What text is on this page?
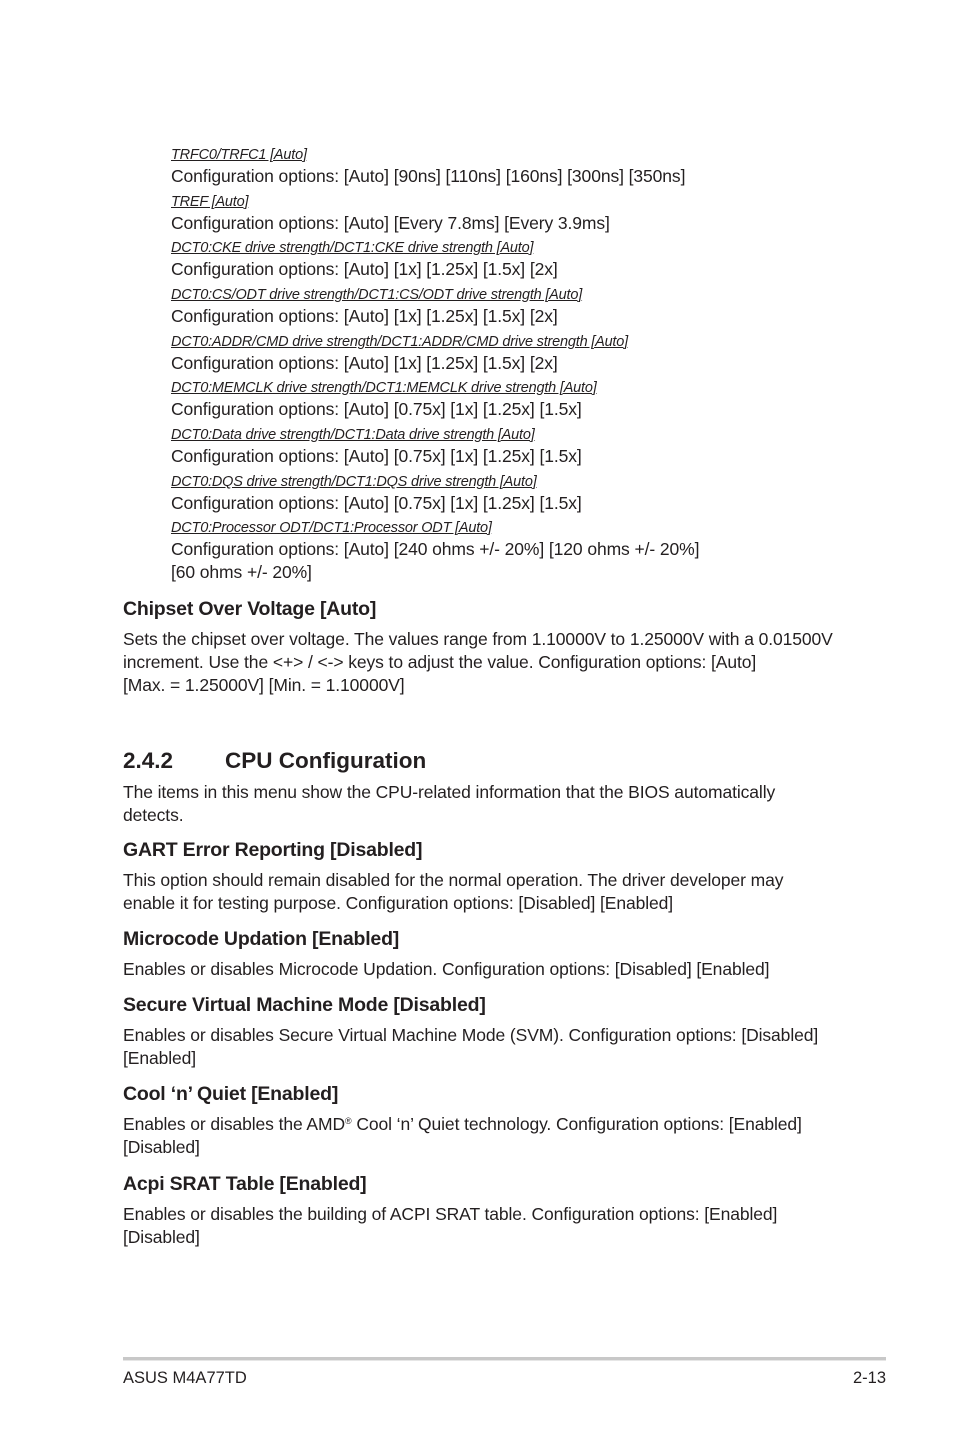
TRFC0/TRFC1 [Auto]

Configuration options: [Auto] [90ns] [110ns] [160ns] [300ns] [350ns]

TREF [Auto]

Configuration options: [Auto] [Every 7.8ms] [Every 3.9ms]

DCT0:CKE drive strength/DCT1:CKE drive strength [Auto]

Configuration options: [Auto] [1x] [1.25x] [1.5x] [2x]

DCT0:CS/ODT drive strength/DCT1:CS/ODT drive strength [Auto]

Configuration options: [Auto] [1x] [1.25x] [1.5x] [2x]

DCT0:ADDR/CMD drive strength/DCT1:ADDR/CMD drive strength [Auto]

Configuration options: [Auto] [1x] [1.25x] [1.5x] [2x]

DCT0:MEMCLK drive strength/DCT1:MEMCLK drive strength [Auto]

Configuration options: [Auto] [0.75x] [1x] [1.25x] [1.5x]

DCT0:Data drive strength/DCT1:Data drive strength [Auto]

Configuration options: [Auto] [0.75x] [1x] [1.25x] [1.5x]

DCT0:DQS drive strength/DCT1:DQS drive strength [Auto]

Configuration options: [Auto] [0.75x] [1x] [1.25x] [1.5x]

DCT0:Processor ODT/DCT1:Processor ODT [Auto]

Configuration options: [Auto] [240 ohms +/- 20%] [120 ohms +/- 20%]

[60 ohms +/- 20%]

Chipset Over Voltage [Auto]

Sets the chipset over voltage. The values range from 1.10000V to 1.25000V with a 0.01500V
increment. Use the <+> / <-> keys to adjust the value. Configuration options: [Auto]
[Max. = 1.25000V] [Min. = 1.10000V]

2.4.2 CPU Configuration

The items in this menu show the CPU-related information that the BIOS automatically
detects.

GART Error Reporting [Disabled]

This option should remain disabled for the normal operation. The driver developer may
enable it for testing purpose. Configuration options: [Disabled] [Enabled]

Microcode Updation [Enabled]

Enables or disables Microcode Updation. Configuration options: [Disabled] [Enabled]

Secure Virtual Machine Mode [Disabled]

Enables or disables Secure Virtual Machine Mode (SVM). Configuration options: [Disabled]
[Enabled]

Cool ‘n’ Quiet [Enabled]

Enables or disables the AMD® Cool ‘n’ Quiet technology. Configuration options: [Enabled]
[Disabled]

Acpi SRAT Table [Enabled]

Enables or disables the building of ACPI SRAT table. Configuration options: [Enabled]
[Disabled]

ASUS M4A77TD	2-13
